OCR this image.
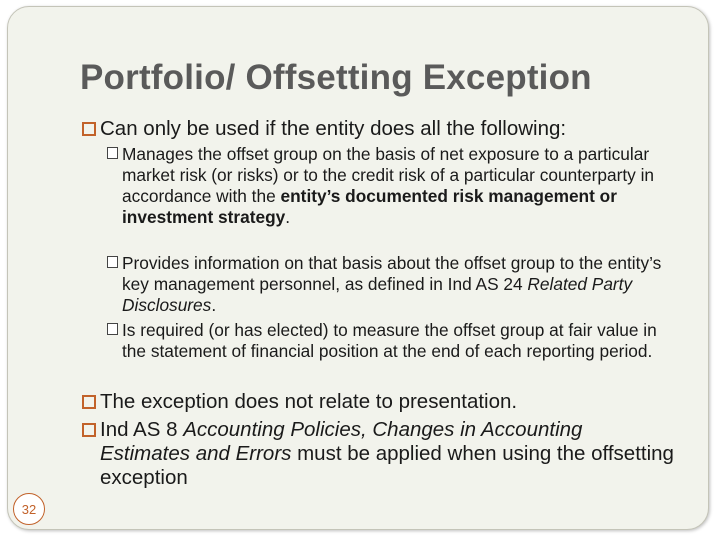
Portfolio/ Offsetting Exception
Can only be used if the entity does all the following:
Manages the offset group on the basis of net exposure to a particular market risk (or risks) or to the credit risk of a particular counterparty in accordance with the entity’s documented risk management or investment strategy.
Provides information on that basis about the offset group to the entity’s key management personnel, as defined in Ind AS 24 Related Party Disclosures.
Is required (or has elected) to measure the offset group at fair value in the statement of financial position at the end of each reporting period.
The exception does not relate to presentation.
Ind AS 8 Accounting Policies, Changes in Accounting Estimates and Errors must be applied when using the offsetting exception
32
